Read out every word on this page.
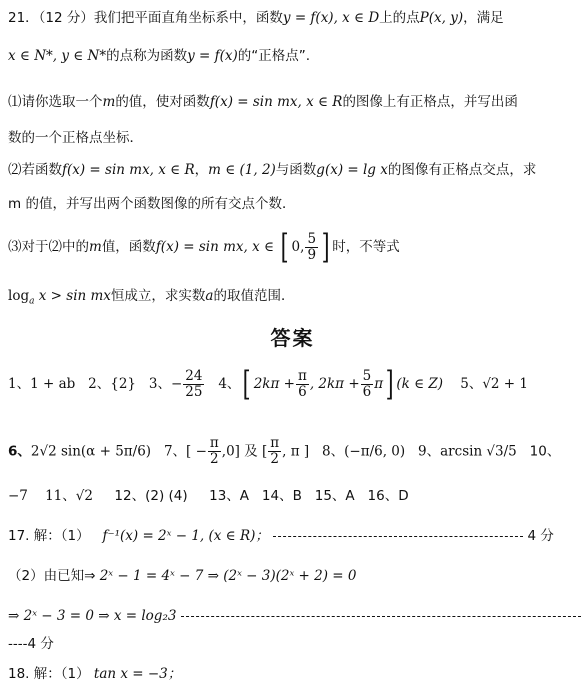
21．（12 分）我们把平面直角坐标系中，函数y = f(x), x ∈ D上的点P(x, y)，满足
x ∈ N*, y ∈ N*的点称为函数y = f(x)的“正格点”.
⑴请你选取一个m的值，使对函数f(x) = sin mx, x ∈ R的图像上有正格点，并写出函
数的一个正格点坐标．
⑵若函数f(x) = sin mx, x ∈ R，m ∈ (1, 2)与函数g(x) = lg x的图像有正格点交点，求
m 的值，并写出两个函数图像的所有交点个数．
⑶对于⑵中的m值，函数f(x) = sin mx, x ∈ [ 0, $\frac{5}{9}$ ] 时，不等式
$\log_a x > \sin$ mx恒成立，求实数a的取值范围．
答案
1、1 + ab 2、{2} 3、− $\frac{24}{25} 4$、[ $2k\pi + \frac{\pi}{6}$ , $2k\pi + \frac{5}{6} \pi$] (k ∈ Z) 5、√2 + 1
6、2√2 sin(α + 5π/6) 7、[ − $\frac{\pi}{2} ,0$] 及 [ $\frac{\pi}{2}$ , π ] 8、(−π/6, 0) 9、arcsin √3/5 10、
−7 11、√2 12、(2) (4) 13、A 14、B 15、A 16、D
17. 解：（1） f⁻¹(x) = 2ˣ − 1, (x ∈ R)；	4 分
（2）由已知⇒ 2ˣ − 1 = 4ˣ − 7 ⇒ (2ˣ − 3)(2ˣ + 2) = 0
⇒ 2ˣ − 3 = 0 ⇒ x = log₂3
----4 分
18. 解：（1） tan x = −3；
